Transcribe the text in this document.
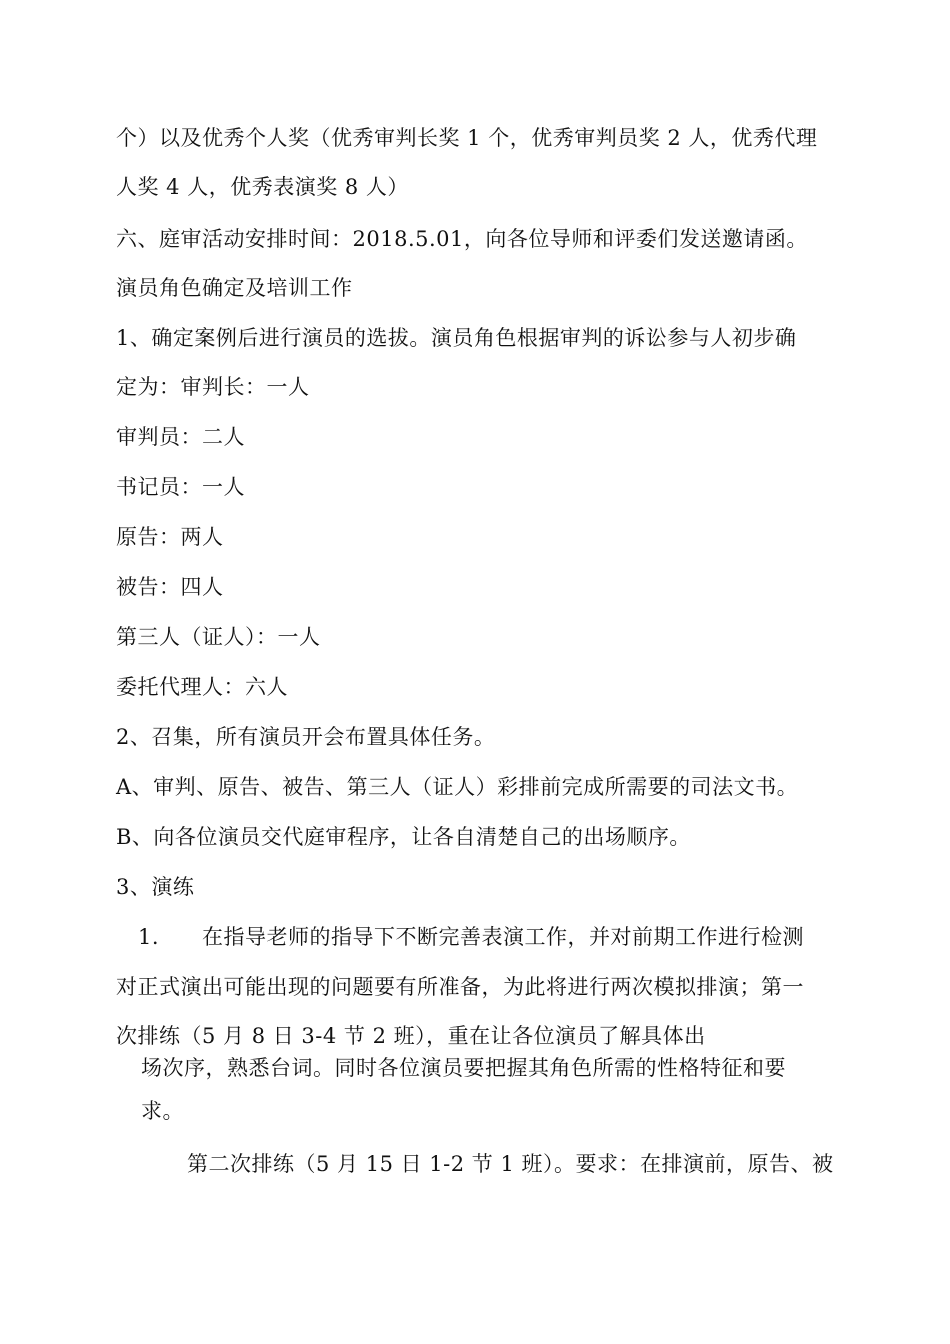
个）以及优秀个人奖（优秀审判长奖 1 个，优秀审判员奖 2 人，优秀代理

人奖 4 人，优秀表演奖 8 人）

六、庭审活动安排时间：2018.5.01，向各位导师和评委们发送邀请函。

演员角色确定及培训工作

1、确定案例后进行演员的选拔。演员角色根据审判的诉讼参与人初步确

定为：审判长：一人

审判员：二人

书记员：一人

原告：两人

被告：四人

第三人（证人）：一人

委托代理人：六人

2、召集，所有演员开会布置具体任务。

A、审判、原告、被告、第三人（证人）彩排前完成所需要的司法文书。

B、向各位演员交代庭审程序，让各自清楚自己的出场顺序。

3、演练

1.　　在指导老师的指导下不断完善表演工作，并对前期工作进行检测

对正式演出可能出现的问题要有所准备，为此将进行两次模拟排演；第一

次排练（5 月 8 日 3-4 节 2 班），重在让各位演员了解具体出

场次序，熟悉台词。同时各位演员要把握其角色所需的性格特征和要

求。

第二次排练（5 月 15 日 1-2 节 1 班）。要求：在排演前，原告、被
